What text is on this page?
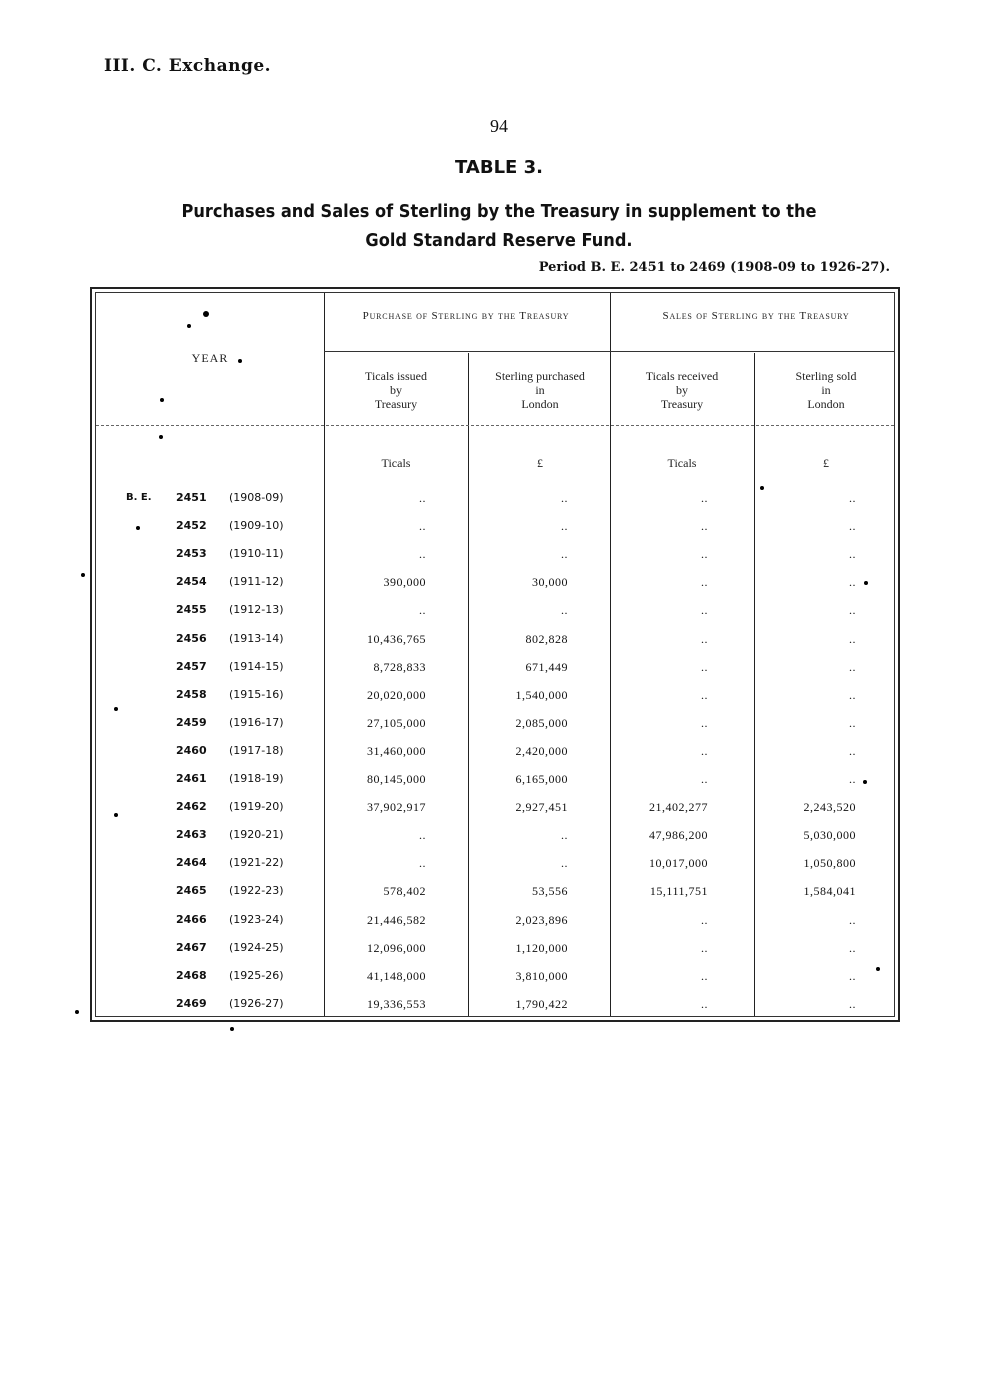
III. C. Exchange.
94
TABLE 3.
Purchases and Sales of Sterling by the Treasury in supplement to the
Gold Standard Reserve Fund.
Period B. E. 2451 to 2469 (1908-09 to 1926-27).
YEAR
Purchase of Sterling by the Treasury	Sales of Sterling by the Treasury
Ticals issued
by
Treasury
Sterling purchased
in
London
Ticals received
by
Treasury
Sterling sold
in
London
Ticals	£	Ticals	£
B. E. 2451 (1908-09)	..	..	..	..
2452 (1909-10)	..	..	..	..
2453 (1910-11)	..	..	..	..
2454 (1911-12)	390,000	30,000	..	..
2455 (1912-13)	..	..	..	..
2456 (1913-14)	10,436,765	802,828	..	..
2457 (1914-15)	8,728,833	671,449	..	..
2458 (1915-16)	20,020,000	1,540,000	..	..
2459 (1916-17)	27,105,000	2,085,000	..	..
2460 (1917-18)	31,460,000	2,420,000	..	..
2461 (1918-19)	80,145,000	6,165,000	..	..
2462 (1919-20)	37,902,917	2,927,451	21,402,277	2,243,520
2463 (1920-21)	..	..	47,986,200	5,030,000
2464 (1921-22)	..	..	10,017,000	1,050,800
2465 (1922-23)	578,402	53,556	15,111,751	1,584,041
2466 (1923-24)	21,446,582	2,023,896	..	..
2467 (1924-25)	12,096,000	1,120,000	..	..
2468 (1925-26)	41,148,000	3,810,000	..	..
2469 (1926-27)	19,336,553	1,790,422	..	..
